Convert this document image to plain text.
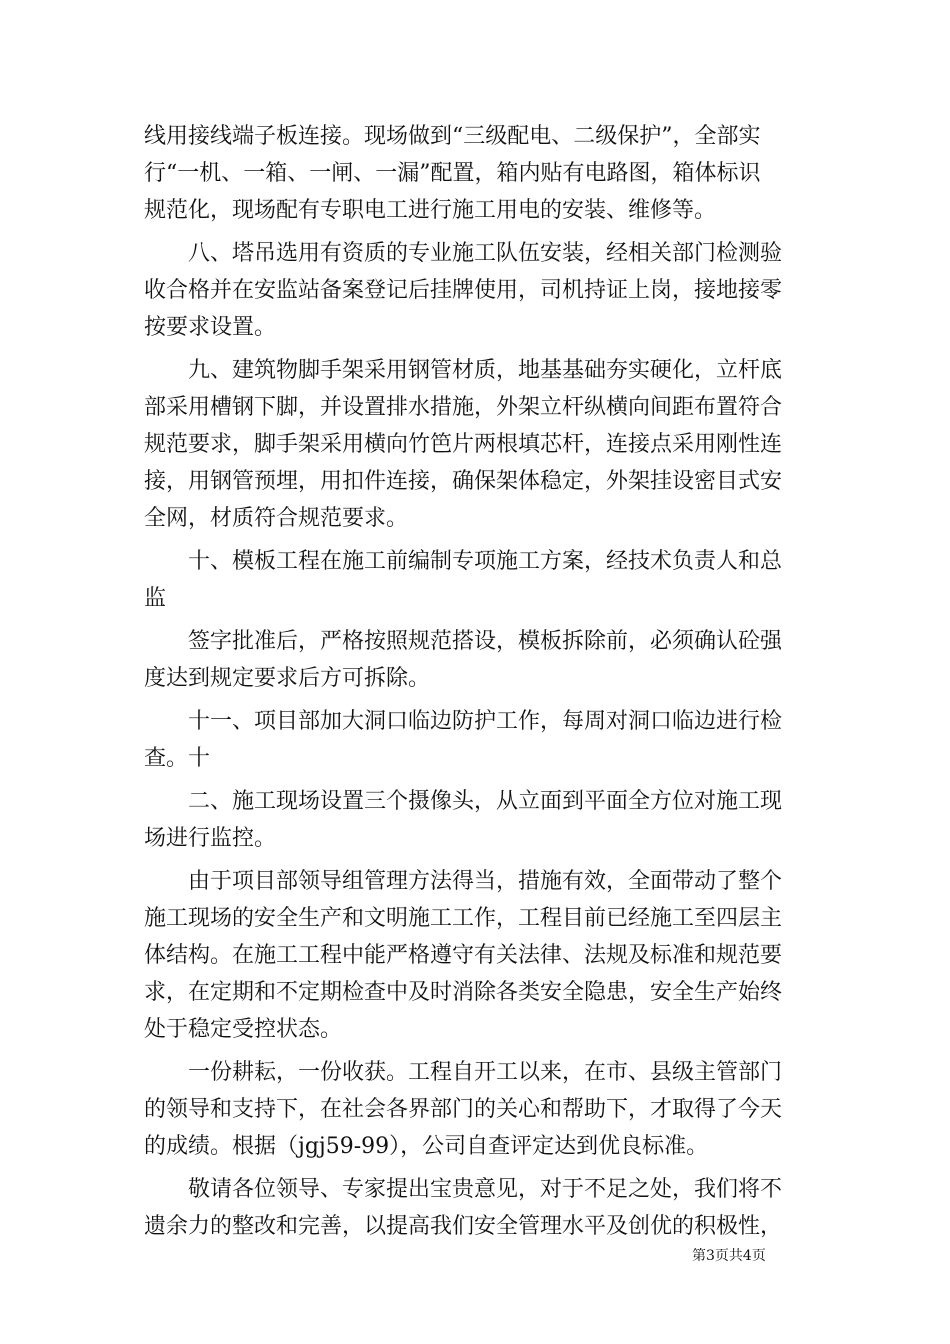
线用接线端子板连接。现场做到“三级配电、二级保护”，全部实
行“一机、一箱、一闸、一漏”配置，箱内贴有电路图，箱体标识
规范化，现场配有专职电工进行施工用电的安装、维修等。
八、塔吊选用有资质的专业施工队伍安装，经相关部门检测验
收合格并在安监站备案登记后挂牌使用，司机持证上岗，接地接零
按要求设置。
九、建筑物脚手架采用钢管材质，地基基础夯实硬化，立杆底
部采用槽钢下脚，并设置排水措施，外架立杆纵横向间距布置符合
规范要求，脚手架采用横向竹笆片两根填芯杆，连接点采用刚性连
接，用钢管预埋，用扣件连接，确保架体稳定，外架挂设密目式安
全网，材质符合规范要求。
十、模板工程在施工前编制专项施工方案，经技术负责人和总
监
签字批准后，严格按照规范搭设，模板拆除前，必须确认砼强
度达到规定要求后方可拆除。
十一、项目部加大洞口临边防护工作，每周对洞口临边进行检
查。十
二、施工现场设置三个摄像头，从立面到平面全方位对施工现
场进行监控。
由于项目部领导组管理方法得当，措施有效，全面带动了整个
施工现场的安全生产和文明施工工作，工程目前已经施工至四层主
体结构。在施工工程中能严格遵守有关法律、法规及标准和规范要
求，在定期和不定期检查中及时消除各类安全隐患，安全生产始终
处于稳定受控状态。
一份耕耘，一份收获。工程自开工以来，在市、县级主管部门
的领导和支持下，在社会各界部门的关心和帮助下，才取得了今天
的成绩。根据（jgj59-99），公司自查评定达到优良标准。
敬请各位领导、专家提出宝贵意见，对于不足之处，我们将不
遗余力的整改和完善，以提高我们安全管理水平及创优的积极性，
第3页共4页
